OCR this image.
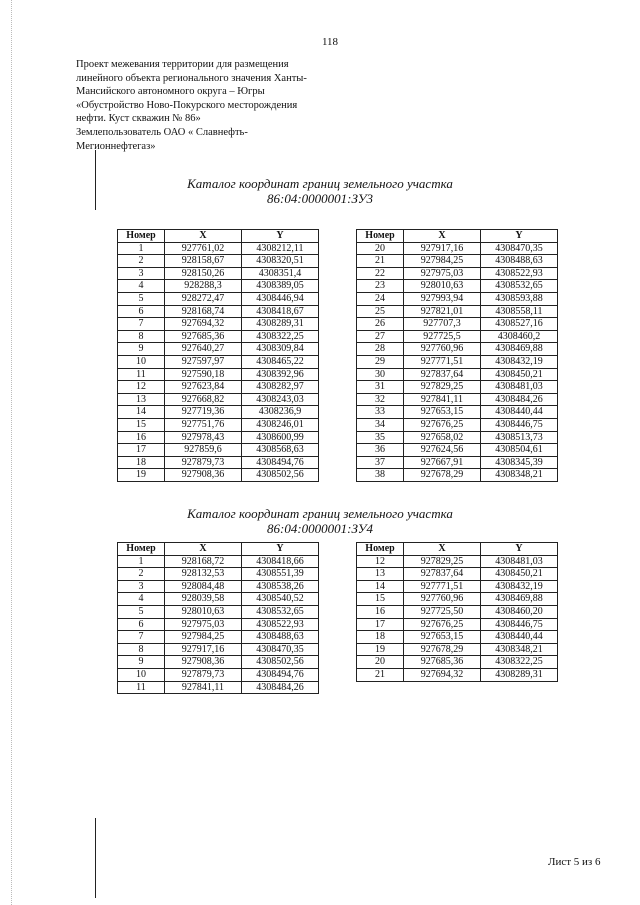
118
Проект межевания территории для размещения
линейного объекта регионального значения Ханты-
Мансийского автономного округа – Югры
«Обустройство Ново-Покурского месторождения
нефти. Куст скважин № 86»
Землепользователь ОАО « Славнефть-
Мегионнефтегаз»
Каталог координат границ земельного участка
86:04:0000001:ЗУ3
Номер	X	Y
1	927761,02	4308212,11
2	928158,67	4308320,51
3	928150,26	4308351,4
4	928288,3	4308389,05
5	928272,47	4308446,94
6	928168,74	4308418,67
7	927694,32	4308289,31
8	927685,36	4308322,25
9	927640,27	4308309,84
10	927597,97	4308465,22
11	927590,18	4308392,96
12	927623,84	4308282,97
13	927668,82	4308243,03
14	927719,36	4308236,9
15	927751,76	4308246,01
16	927978,43	4308600,99
17	927859,6	4308568,63
18	927879,73	4308494,76
19	927908,36	4308502,56
Номер	X	Y
20	927917,16	4308470,35
21	927984,25	4308488,63
22	927975,03	4308522,93
23	928010,63	4308532,65
24	927993,94	4308593,88
25	927821,01	4308558,11
26	927707,3	4308527,16
27	927725,5	4308460,2
28	927760,96	4308469,88
29	927771,51	4308432,19
30	927837,64	4308450,21
31	927829,25	4308481,03
32	927841,11	4308484,26
33	927653,15	4308440,44
34	927676,25	4308446,75
35	927658,02	4308513,73
36	927624,56	4308504,61
37	927667,91	4308345,39
38	927678,29	4308348,21
Каталог координат границ земельного участка
86:04:0000001:ЗУ4
Номер	X	Y
1	928168,72	4308418,66
2	928132,53	4308551,39
3	928084,48	4308538,26
4	928039,58	4308540,52
5	928010,63	4308532,65
6	927975,03	4308522,93
7	927984,25	4308488,63
8	927917,16	4308470,35
9	927908,36	4308502,56
10	927879,73	4308494,76
11	927841,11	4308484,26
Номер	X	Y
12	927829,25	4308481,03
13	927837,64	4308450,21
14	927771,51	4308432,19
15	927760,96	4308469,88
16	927725,50	4308460,20
17	927676,25	4308446,75
18	927653,15	4308440,44
19	927678,29	4308348,21
20	927685,36	4308322,25
21	927694,32	4308289,31
Лист 5 из 6
